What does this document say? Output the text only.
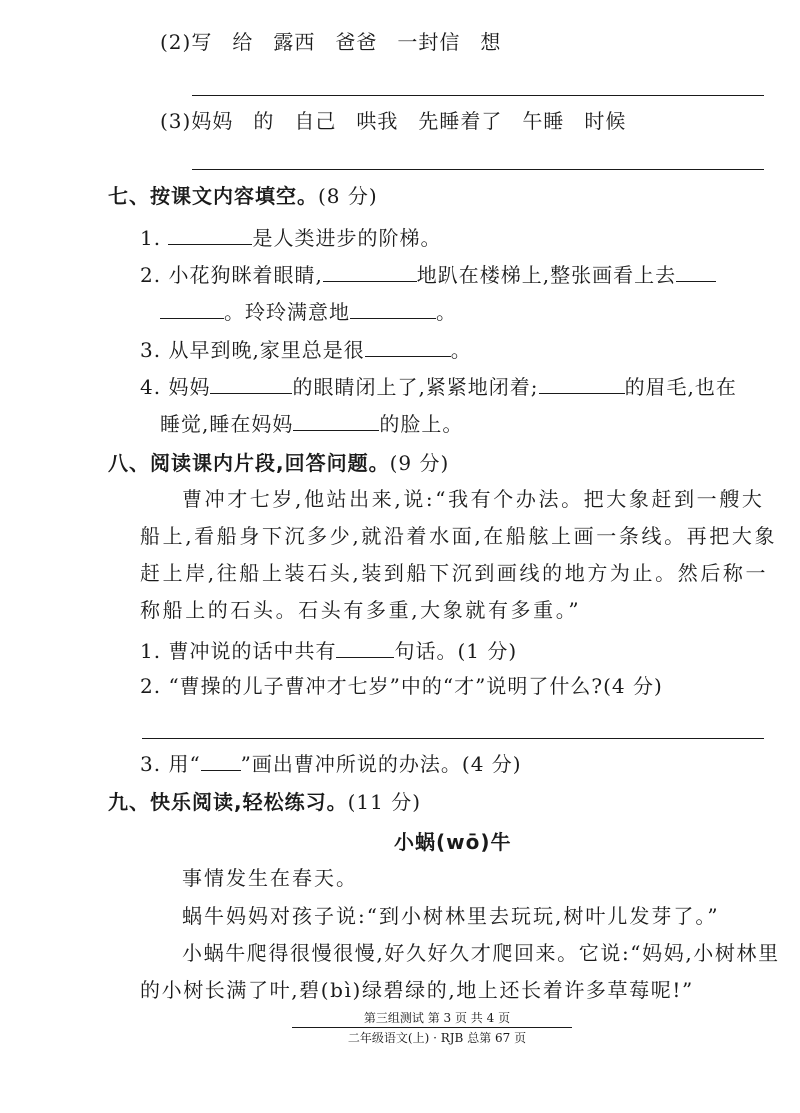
(2)写 给 露西 爸爸 一封信 想
(3)妈妈 的 自己 哄我 先睡着了 午睡 时候
七、按课文内容填空。(8 分)
1.	是人类进步的阶梯。
2. 小花狗眯着眼睛,	地趴在楼梯上,整张画看上去
。玲玲满意地	。
3. 从早到晚,家里总是很	。
4. 妈妈	的眼睛闭上了,紧紧地闭着;	的眉毛,也在
睡觉,睡在妈妈	的脸上。
八、阅读课内片段,回答问题。(9 分)
曹冲才七岁,他站出来,说:“我有个办法。把大象赶到一艘大
船上,看船身下沉多少,就沿着水面,在船舷上画一条线。再把大象
赶上岸,往船上装石头,装到船下沉到画线的地方为止。然后称一
称船上的石头。石头有多重,大象就有多重。”
1. 曹冲说的话中共有	句话。(1 分)
2. “曹操的儿子曹冲才七岁”中的“才”说明了什么?(4 分)
3. 用“ ”画出曹冲所说的办法。(4 分)
九、快乐阅读,轻松练习。(11 分)
小蜗(wō)牛
事情发生在春天。
蜗牛妈妈对孩子说:“到小树林里去玩玩,树叶儿发芽了。”
小蜗牛爬得很慢很慢,好久好久才爬回来。它说:“妈妈,小树林里
的小树长满了叶,碧(bì)绿碧绿的,地上还长着许多草莓呢!”
第三组测试 第 3 页 共 4 页
二年级语文(上) · RJB 总第 67 页
